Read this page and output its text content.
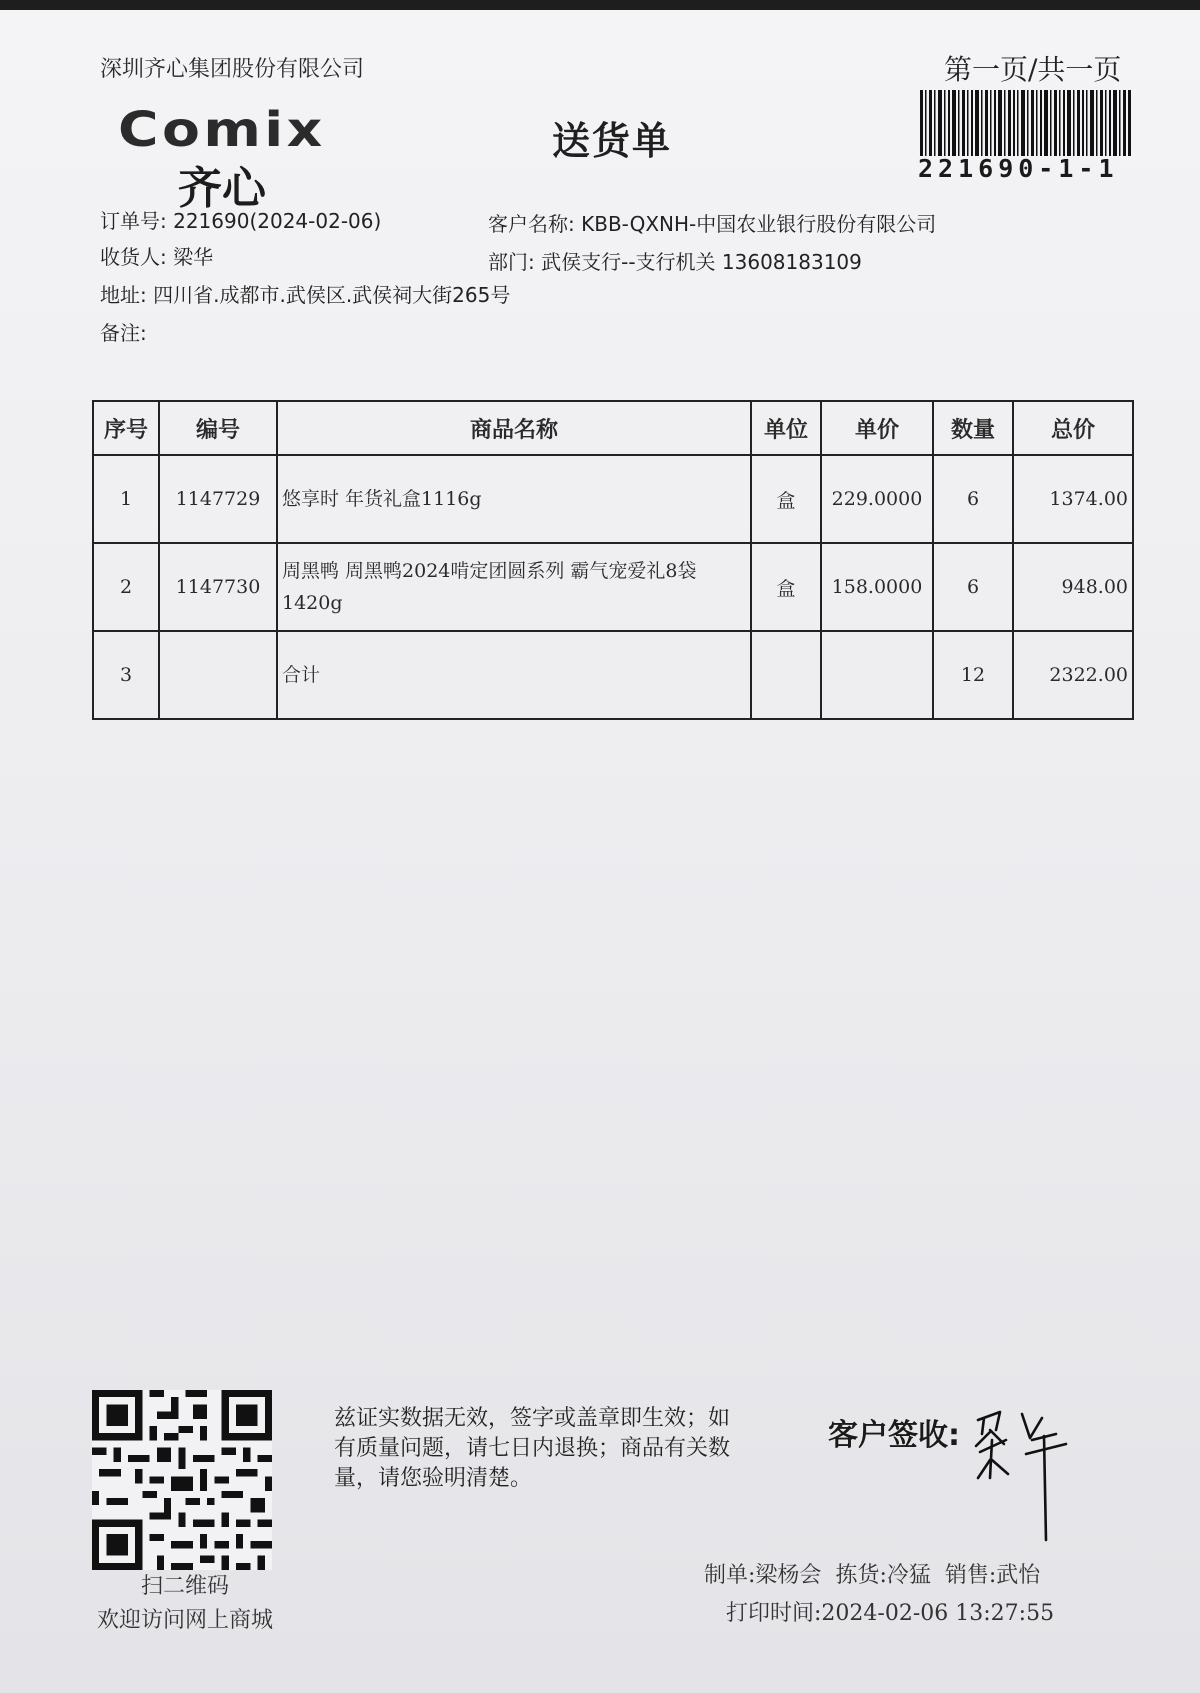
深圳齐心集团股份有限公司	第一页/共一页
Comix
齐心
送货单
221690-1-1
订单号: 221690(2024-02-06)	客户名称: KBB-QXNH-中国农业银行股份有限公司
收货人: 梁华	部门: 武侯支行--支行机关 13608183109
地址: 四川省.成都市.武侯区.武侯祠大街265号
备注:
序号	编号	商品名称	单位	单价	数量	总价
1	1147729	悠享时 年货礼盒1116g	盒	229.0000	6	1374.00
2	1147730	周黑鸭 周黑鸭2024啃定团圆系列 霸气宠爱礼8袋 1420g	盒	158.0000	6	948.00
3		合计			12	2322.00
扫二维码
欢迎访问网上商城
兹证实数据无效，签字或盖章即生效；如有质量问题，请七日内退换；商品有关数量，请您验明清楚。
客户签收:
制单:梁杨会 拣货:冷猛 销售:武怡
打印时间:2024-02-06 13:27:55
